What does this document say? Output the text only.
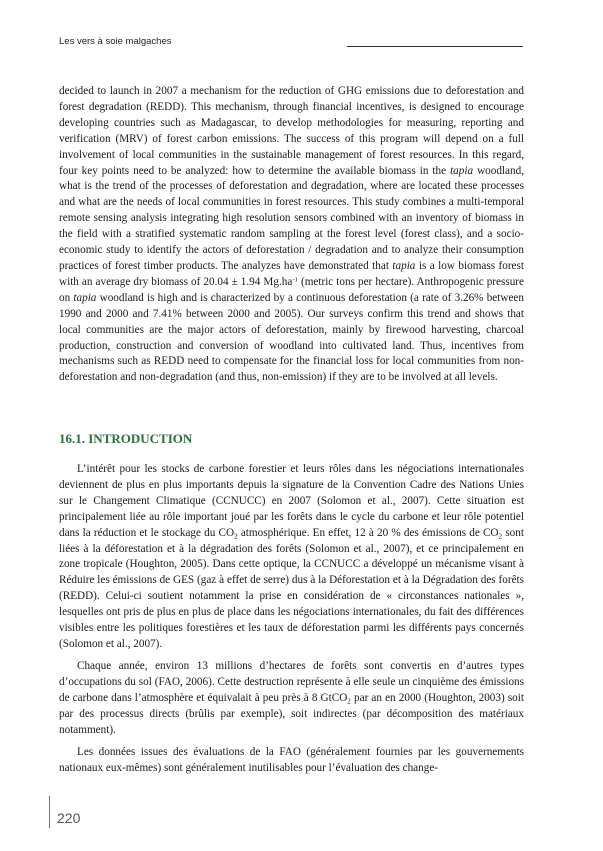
Les vers à soie malgaches

decided to launch in 2007 a mechanism for the reduction of GHG emissions due to deforestation and forest degradation (REDD). This mechanism, through financial incentives, is designed to encourage developing countries such as Madagascar, to develop methodologies for measuring, reporting and verification (MRV) of forest carbon emissions. The success of this program will depend on a full involvement of local communities in the sustainable management of forest resources. In this regard, four key points need to be analyzed: how to determine the available biomass in the tapia woodland, what is the trend of the processes of deforestation and degradation, where are located these processes and what are the needs of local communities in forest resources. This study combines a multi-temporal remote sensing analysis integrating high resolution sensors combined with an inventory of biomass in the field with a stratified systematic random sampling at the forest level (forest class), and a socio-economic study to identify the actors of deforestation / degradation and to analyze their consumption practices of forest timber products. The analyzes have demonstrated that tapia is a low biomass forest with an average dry biomass of 20.04 ± 1.94 $Mg.ha^{-1}$ (metric tons per hectare). Anthropogenic pressure on tapia woodland is high and is characterized by a continuous deforestation (a rate of 3.26% between 1990 and 2000 and 7.41% between 2000 and 2005). Our surveys confirm this trend and shows that local communities are the major actors of deforestation, mainly by firewood harvesting, charcoal production, construction and conversion of woodland into cultivated land. Thus, incentives from mechanisms such as REDD need to compensate for the financial loss for local communities from non-deforestation and non-degradation (and thus, non-emission) if they are to be involved at all levels.

16.1. INTRODUCTION

L’intérêt pour les stocks de carbone forestier et leurs rôles dans les négociations internationales deviennent de plus en plus importants depuis la signature de la Convention Cadre des Nations Unies sur le Changement Climatique (CCNUCC) en 2007 (Solomon et al., 2007). Cette situation est principalement liée au rôle important joué par les forêts dans le cycle du carbone et leur rôle potentiel dans la réduction et le stockage du $CO_2$ atmosphérique. En effet, 12 à 20 % des émissions de $CO_2$ sont liées à la déforestation et à la dégradation des forêts (Solomon et al., 2007), et ce principalement en zone tropicale (Houghton, 2005). Dans cette optique, la CCNUCC a développé un mécanisme visant à Réduire les émissions de GES (gaz à effet de serre) dus à la Déforestation et à la Dégradation des forêts (REDD). Celui-ci soutient notamment la prise en considération de « circonstances nationales », lesquelles ont pris de plus en plus de place dans les négociations internationales, du fait des différences visibles entre les politiques forestières et les taux de déforestation parmi les différents pays concernés (Solomon et al., 2007).

Chaque année, environ 13 millions d’hectares de forêts sont convertis en d’autres types d’occupations du sol (FAO, 2006). Cette destruction représente à elle seule un cinquième des émissions de carbone dans l’atmosphère et équivalait à peu près à 8 GtCO$_2$ par an en 2000 (Houghton, 2003) soit par des processus directs (brûlis par exemple), soit indirectes (par décomposition des matériaux notamment).

Les données issues des évaluations de la FAO (généralement fournies par les gouvernements nationaux eux-mêmes) sont généralement inutilisables pour l’évaluation des change-

220
